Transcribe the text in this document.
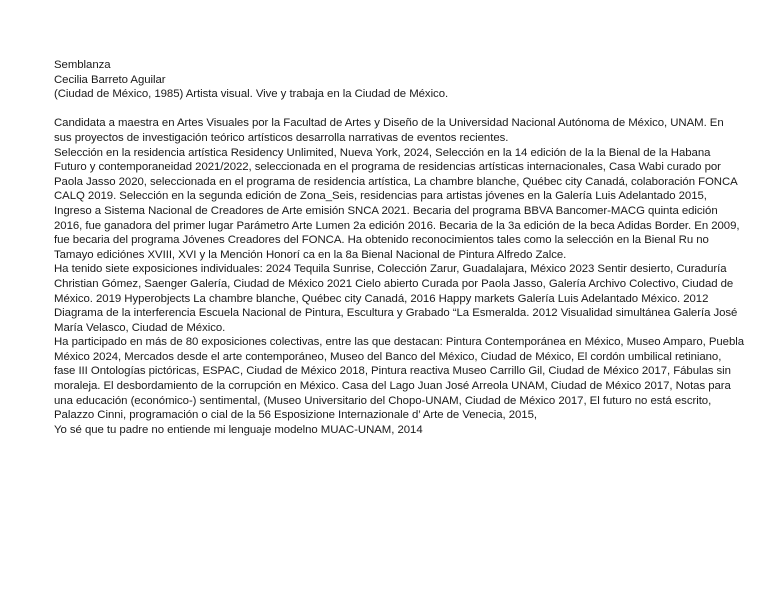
Semblanza

Cecilia Barreto Aguilar

(Ciudad de México, 1985) Artista visual. Vive y trabaja en la Ciudad de México.

Candidata a maestra en Artes Visuales por la Facultad de Artes y Diseño de la Universidad Nacional Autónoma de México, UNAM. En sus proyectos de investigación teórico artísticos desarrolla narrativas de eventos recientes.

Selección en la residencia artística Residency Unlimited, Nueva York, 2024, Selección en la 14 edición de la la Bienal de la Habana Futuro y contemporaneidad 2021/2022, seleccionada en el programa de residencias artísticas internacionales, Casa Wabi curado por Paola Jasso 2020, seleccionada en el programa de residencia artística, La chambre blanche, Québec city Canadá, colaboración FONCA CALQ 2019. Selección en la segunda edición de Zona_Seis, residencias para artistas jóvenes en la Galería Luis Adelantado 2015, Ingreso a Sistema Nacional de Creadores de Arte emisión SNCA 2021. Becaria del programa BBVA Bancomer-MACG quinta edición 2016, fue ganadora del primer lugar Parámetro Arte Lumen 2a edición 2016. Becaria de la 3a edición de la beca Adidas Border. En 2009, fue becaria del programa Jóvenes Creadores del FONCA. Ha obtenido reconocimientos tales como la selección en la Bienal Ru no Tamayo ediciónes XVIII, XVI y la Mención Honorí ca en la 8a Bienal Nacional de Pintura Alfredo Zalce.

Ha tenido siete exposiciones individuales: 2024 Tequila Sunrise, Colección Zarur, Guadalajara, México 2023 Sentir desierto, Curaduría Christian Gómez, Saenger Galería, Ciudad de México 2021 Cielo abierto Curada por Paola Jasso, Galería Archivo Colectivo, Ciudad de México. 2019 Hyperobjects La chambre blanche, Québec city Canadá, 2016 Happy markets Galería Luis Adelantado México. 2012 Diagrama de la interferencia Escuela Nacional de Pintura, Escultura y Grabado “La Esmeralda. 2012 Visualidad simultánea Galería José María Velasco, Ciudad de México.

Ha participado en más de 80 exposiciones colectivas, entre las que destacan: Pintura Contemporánea en México, Museo Amparo, Puebla México 2024, Mercados desde el arte contemporáneo, Museo del Banco del México, Ciudad de México, El cordón umbilical retiniano, fase III Ontologías pictóricas, ESPAC, Ciudad de México 2018, Pintura reactiva Museo Carrillo Gil, Ciudad de México 2017, Fábulas sin moraleja. El desbordamiento de la corrupción en México. Casa del Lago Juan José Arreola UNAM, Ciudad de México 2017, Notas para una educación (económico-) sentimental, (Museo Universitario del Chopo-UNAM, Ciudad de México 2017, El futuro no está escrito, Palazzo Cinni, programación o cial de la 56 Esposizione Internazionale d’ Arte de Venecia, 2015,

Yo sé que tu padre no entiende mi lenguaje modelno MUAC-UNAM, 2014
